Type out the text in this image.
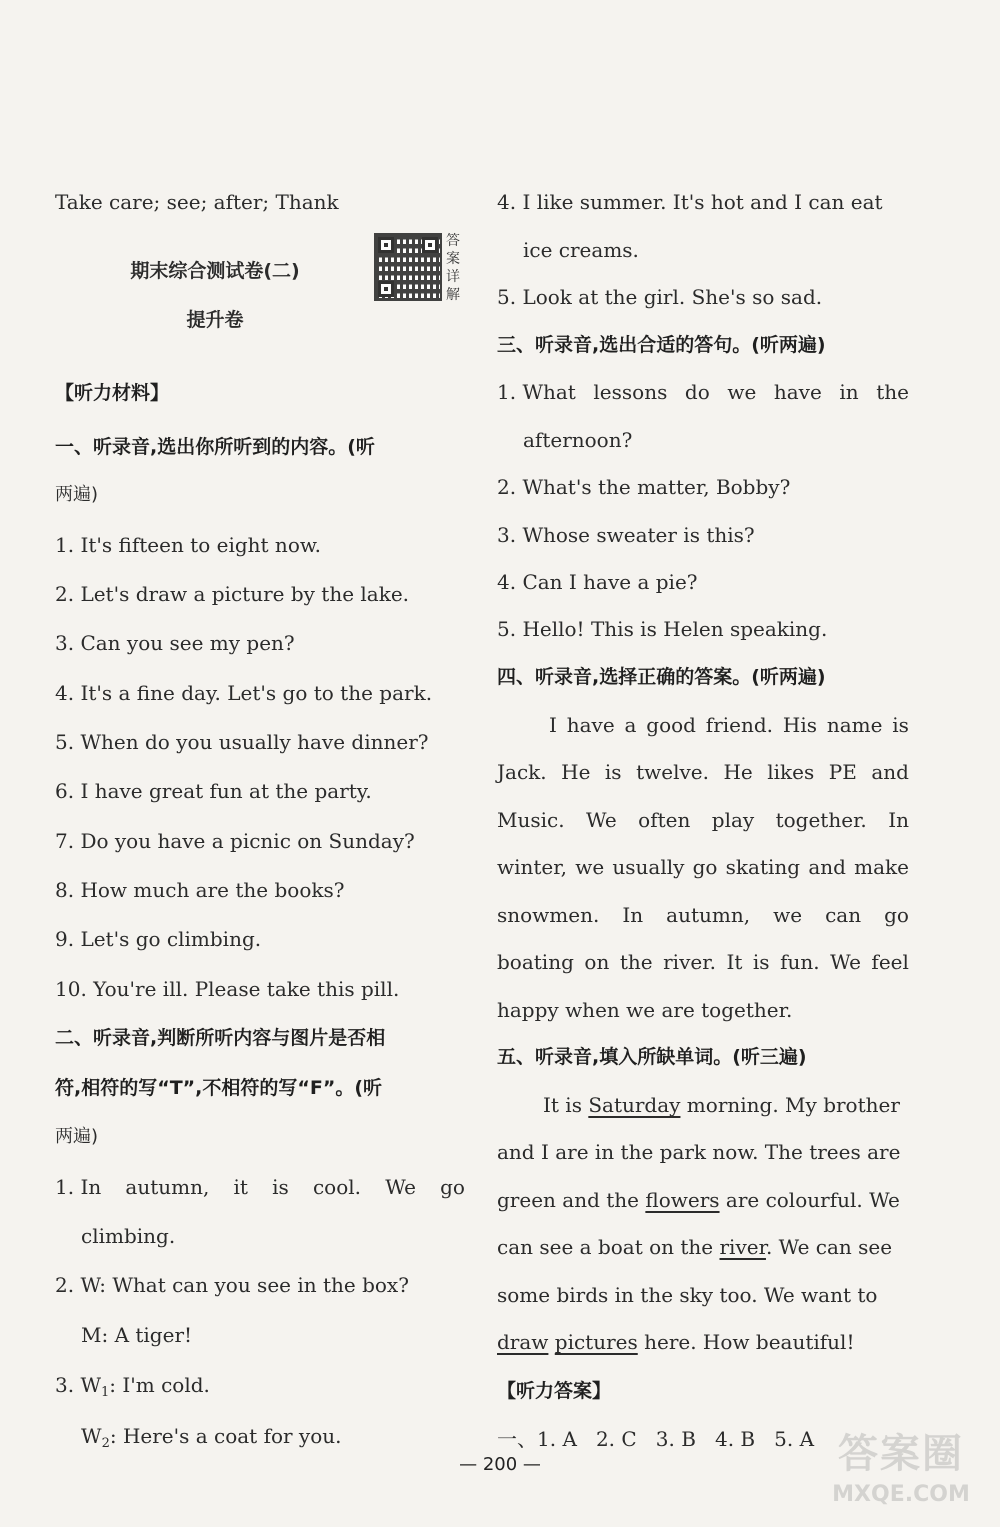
Take care; see; after; Thank
期末综合测试卷(二)
提升卷
答案详解
【听力材料】
一、听录音,选出你所听到的内容。(听
两遍)
1. It's fifteen to eight now.
2. Let's draw a picture by the lake.
3. Can you see my pen?
4. It's a fine day. Let's go to the park.
5. When do you usually have dinner?
6. I have great fun at the party.
7. Do you have a picnic on Sunday?
8. How much are the books?
9. Let's go climbing.
10. You're ill. Please take this pill.
二、听录音,判断所听内容与图片是否相
符,相符的写“T”,不相符的写“F”。(听
两遍)
1. In autumn, it is cool. We go
climbing.
2. W: What can you see in the box?
M: A tiger!
3. $W_1$: I'm cold.
$W_2$: Here's a coat for you.
4. I like summer. It's hot and I can eat
ice creams.
5. Look at the girl. She's so sad.
三、听录音,选出合适的答句。(听两遍)
1. What lessons do we have in the
afternoon?
2. What's the matter, Bobby?
3. Whose sweater is this?
4. Can I have a pie?
5. Hello! This is Helen speaking.
四、听录音,选择正确的答案。(听两遍)
I have a good friend. His name is
Jack. He is twelve. He likes PE and
Music. We often play together. In
winter, we usually go skating and make
snowmen. In autumn, we can go
boating on the river. It is fun. We feel
happy when we are together.
五、听录音,填入所缺单词。(听三遍)
It is Saturday morning. My brother
and I are in the park now. The trees are
green and the flowers are colourful. We
can see a boat on the river. We can see
some birds in the sky too. We want to
draw pictures here. How beautiful!
【听力答案】
一、1. A   2. C   3. B   4. B   5. A
— 200 —	答案圈
MXQE.COM
